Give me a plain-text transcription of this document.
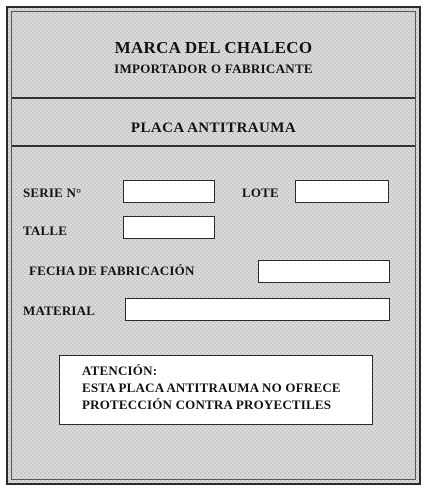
MARCA DEL CHALECO
IMPORTADOR O FABRICANTE
PLACA ANTITRAUMA
SERIE N°	LOTE
TALLE
FECHA DE FABRICACIÓN
MATERIAL
ATENCIÓN:
ESTA PLACA ANTITRAUMA NO OFRECE
PROTECCIÓN CONTRA PROYECTILES
